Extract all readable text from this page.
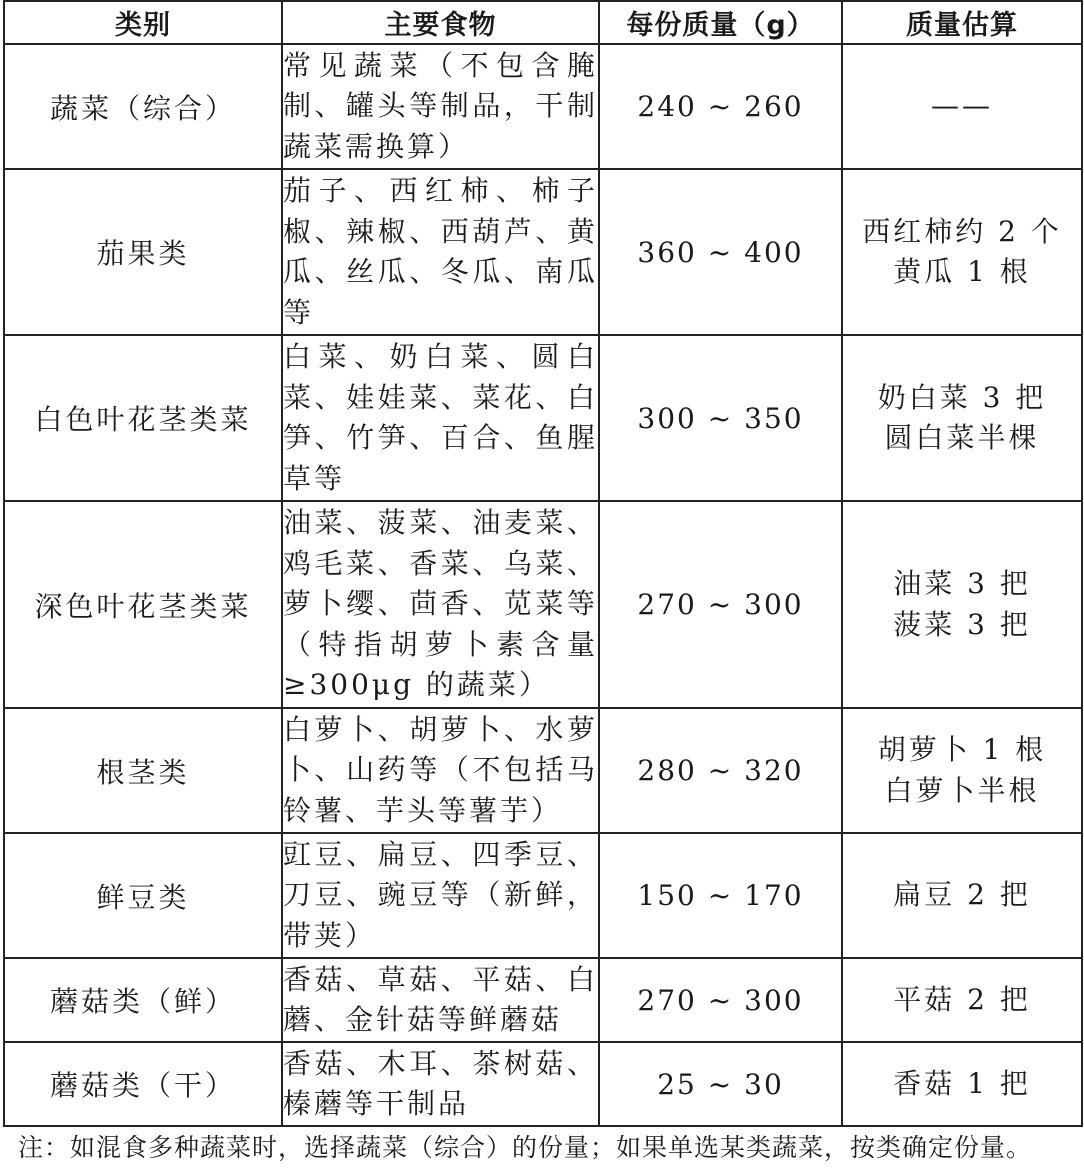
类别	主要食物	每份质量（g）	质量估算
蔬菜（综合）	常见蔬菜（不包含腌制、罐头等制品，干制蔬菜需换算）	240 ~ 260	——

茄果类	茄子、西红柿、柿子椒、辣椒、西葫芦、黄瓜、丝瓜、冬瓜、南瓜等	360 ~ 400	西红柿约 2 个
黄瓜 1 根

白色叶花茎类菜	白菜、奶白菜、圆白菜、娃娃菜、菜花、白笋、竹笋、百合、鱼腥草等	300 ~ 350	奶白菜 3 把
圆白菜半棵

深色叶花茎类菜	油菜、菠菜、油麦菜、鸡毛菜、香菜、乌菜、萝卜缨、茴香、苋菜等（特指胡萝卜素含量≥300μg 的蔬菜）	270 ~ 300	油菜 3 把
菠菜 3 把

根茎类	白萝卜、胡萝卜、水萝卜、山药等（不包括马铃薯、芋头等薯芋）	280 ~ 320	胡萝卜 1 根
白萝卜半根

鲜豆类	豇豆、扁豆、四季豆、刀豆、豌豆等（新鲜，带荚）	150 ~ 170	扁豆 2 把

蘑菇类（鲜）	香菇、草菇、平菇、白蘑、金针菇等鲜蘑菇	270 ~ 300	平菇 2 把

蘑菇类（干）	香菇、木耳、茶树菇、榛蘑等干制品	25 ~ 30	香菇 1 把
注：如混食多种蔬菜时，选择蔬菜（综合）的份量；如果单选某类蔬菜，按类确定份量。
